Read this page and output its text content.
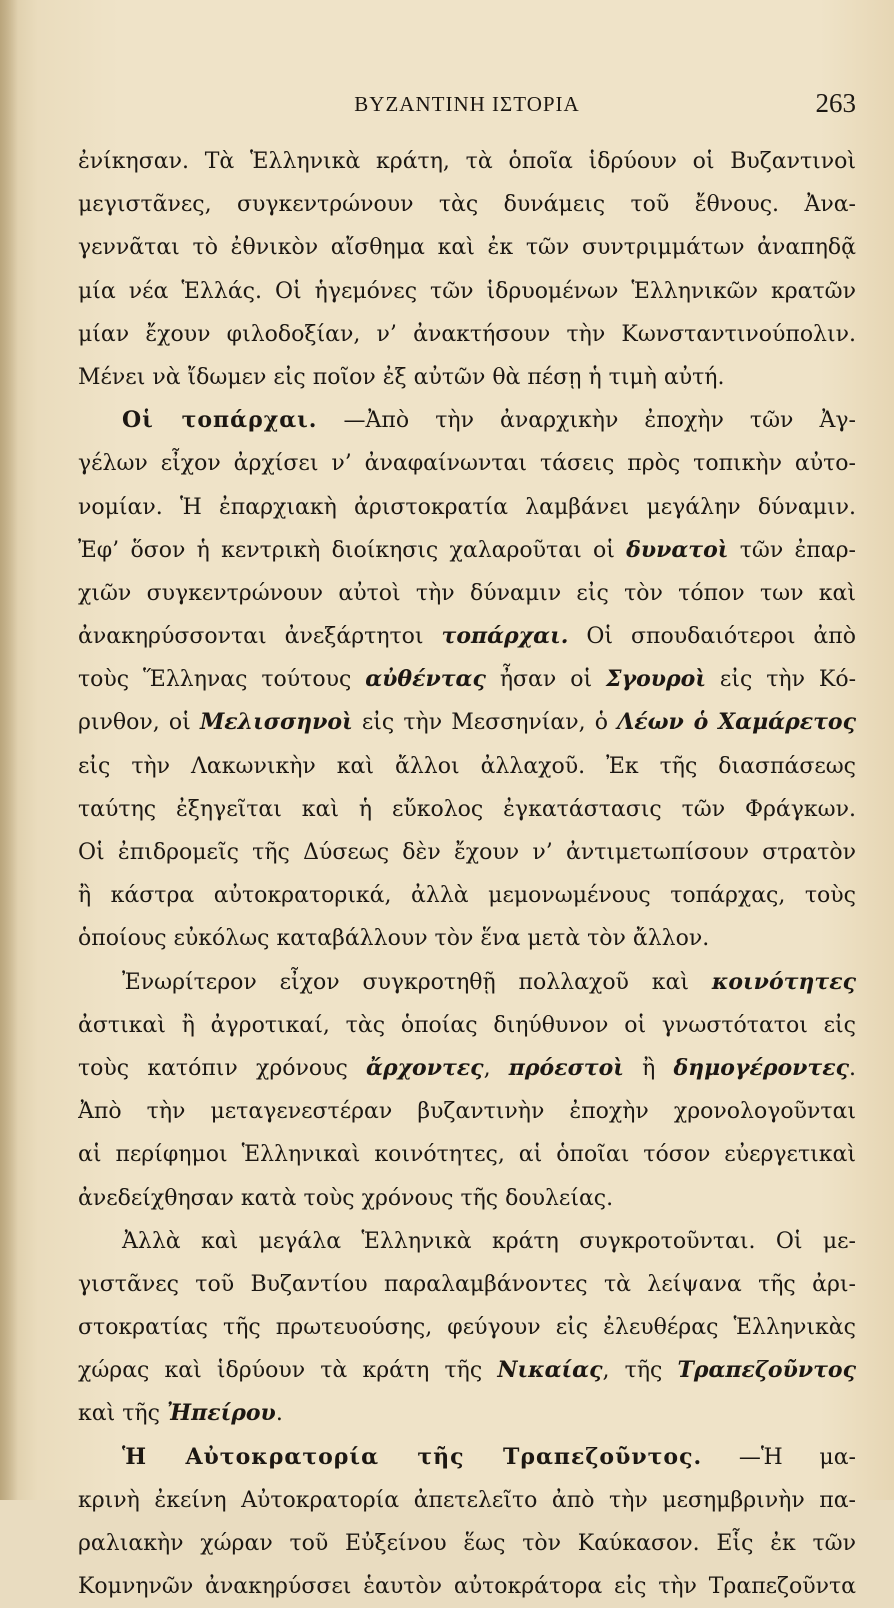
ΒΥΖΑΝΤΙΝΗ ΙΣΤΟΡΙΑ	263
ἐνίκησαν. Τὰ Ἑλληνικὰ κράτη, τὰ ὁποῖα ἱδρύουν οἱ Βυζαντινοὶ
μεγιστᾶνες, συγκεντρώνουν τὰς δυνάμεις τοῦ ἔθνους. Ἀνα-
γεννᾶται τὸ ἐθνικὸν αἴσθημα καὶ ἐκ τῶν συντριμμάτων ἀναπηδᾷ
μία νέα Ἑλλάς. Οἱ ἡγεμόνες τῶν ἱδρυομένων Ἑλληνικῶν κρατῶν
μίαν ἔχουν φιλοδοξίαν, ν’ ἀνακτήσουν τὴν Κωνσταντινούπολιν.
Μένει νὰ ἴδωμεν εἰς ποῖον ἐξ αὐτῶν θὰ πέσῃ ἡ τιμὴ αὐτή.
Οἱ τοπάρχαι. —Ἀπὸ τὴν ἀναρχικὴν ἐποχὴν τῶν Ἀγ-
γέλων εἶχον ἀρχίσει ν’ ἀναφαίνωνται τάσεις πρὸς τοπικὴν αὐτο-
νομίαν. Ἡ ἐπαρχιακὴ ἀριστοκρατία λαμβάνει μεγάλην δύναμιν.
Ἐφ’ ὅσον ἡ κεντρικὴ διοίκησις χαλαροῦται οἱ δυνατοὶ τῶν ἐπαρ-
χιῶν συγκεντρώνουν αὐτοὶ τὴν δύναμιν εἰς τὸν τόπον των καὶ
ἀνακηρύσσονται ἀνεξάρτητοι τοπάρχαι. Οἱ σπουδαιότεροι ἀπὸ
τοὺς Ἕλληνας τούτους αὐθέντας ἦσαν οἱ Σγουροὶ εἰς τὴν Κό-
ρινθον, οἱ Μελισσηνοὶ εἰς τὴν Μεσσηνίαν, ὁ Λέων ὁ Χαμάρετος
εἰς τὴν Λακωνικὴν καὶ ἄλλοι ἀλλαχοῦ. Ἐκ τῆς διασπάσεως
ταύτης ἐξηγεῖται καὶ ἡ εὔκολος ἐγκατάστασις τῶν Φράγκων.
Οἱ ἐπιδρομεῖς τῆς Δύσεως δὲν ἔχουν ν’ ἀντιμετωπίσουν στρατὸν
ἢ κάστρα αὐτοκρατορικά, ἀλλὰ μεμονωμένους τοπάρχας, τοὺς
ὁποίους εὐκόλως καταβάλλουν τὸν ἕνα μετὰ τὸν ἄλλον.
Ἐνωρίτερον εἶχον συγκροτηθῇ πολλαχοῦ καὶ κοινότητες
ἀστικαὶ ἢ ἀγροτικαί, τὰς ὁποίας διηύθυνον οἱ γνωστότατοι εἰς
τοὺς κατόπιν χρόνους ἄρχοντες, πρόεστοὶ ἢ δημογέροντες.
Ἀπὸ τὴν μεταγενεστέραν βυζαντινὴν ἐποχὴν χρονολογοῦνται
αἱ περίφημοι Ἑλληνικαὶ κοινότητες, αἱ ὁποῖαι τόσον εὐεργετικαὶ
ἀνεδείχθησαν κατὰ τοὺς χρόνους τῆς δουλείας.
Ἀλλὰ καὶ μεγάλα Ἑλληνικὰ κράτη συγκροτοῦνται. Οἱ με-
γιστᾶνες τοῦ Βυζαντίου παραλαμβάνοντες τὰ λείψανα τῆς ἀρι-
στοκρατίας τῆς πρωτευούσης, φεύγουν εἰς ἐλευθέρας Ἑλληνικὰς
χώρας καὶ ἱδρύουν τὰ κράτη τῆς Νικαίας, τῆς Τραπεζοῦντος
καὶ τῆς Ἠπείρου.
Ἡ Αὐτοκρατορία τῆς Τραπεζοῦντος. —Ἡ μα-
κρινὴ ἐκείνη Αὐτοκρατορία ἀπετελεῖτο ἀπὸ τὴν μεσημβρινὴν πα-
ραλιακὴν χώραν τοῦ Εὐξείνου ἕως τὸν Καύκασον. Εἷς ἐκ τῶν
Κομνηνῶν ἀνακηρύσσει ἑαυτὸν αὐτοκράτορα εἰς τὴν Τραπεζοῦντα
